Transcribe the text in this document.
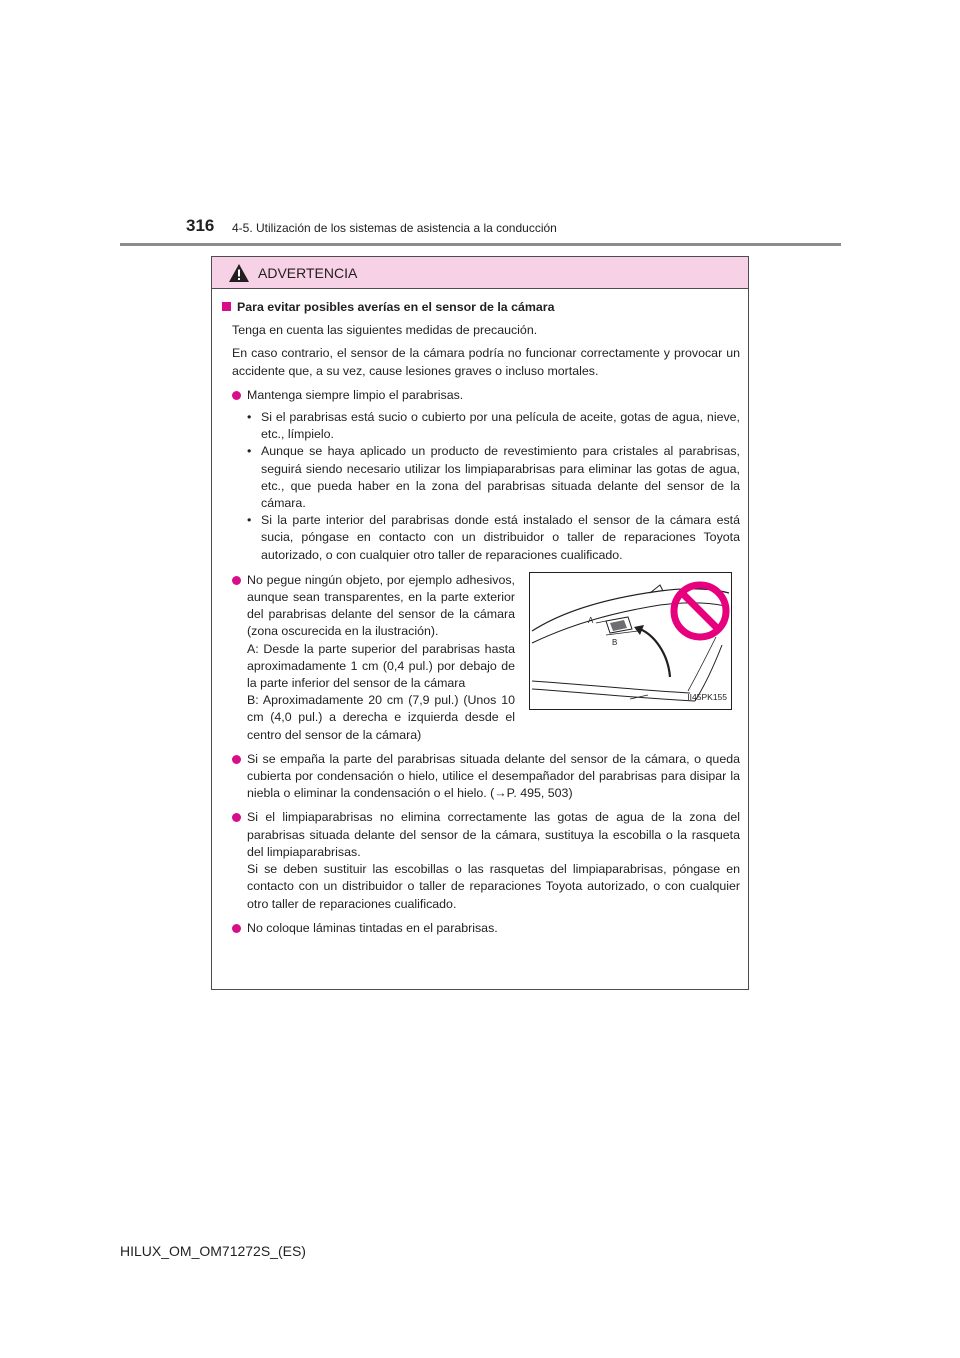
316 4-5. Utilización de los sistemas de asistencia a la conducción
ADVERTENCIA

Para evitar posibles averías en el sensor de la cámara

Tenga en cuenta las siguientes medidas de precaución.

En caso contrario, el sensor de la cámara podría no funcionar correctamente y provocar un accidente que, a su vez, cause lesiones graves o incluso mortales.

Mantenga siempre limpio el parabrisas.
• Si el parabrisas está sucio o cubierto por una película de aceite, gotas de agua, nieve, etc., límpielo.
• Aunque se haya aplicado un producto de revestimiento para cristales al parabrisas, seguirá siendo necesario utilizar los limpiaparabrisas para eliminar las gotas de agua, etc., que pueda haber en la zona del parabrisas situada delante del sensor de la cámara.
• Si la parte interior del parabrisas donde está instalado el sensor de la cámara está sucia, póngase en contacto con un distribuidor o taller de reparaciones Toyota autorizado, o con cualquier otro taller de reparaciones cualificado.
No pegue ningún objeto, por ejemplo adhesivos, aunque sean transparentes, en la parte exterior del parabrisas delante del sensor de la cámara (zona oscurecida en la ilustración).

A: Desde la parte superior del parabrisas hasta aproximadamente 1 cm (0,4 pul.) por debajo de la parte inferior del sensor de la cámara

B: Aproximadamente 20 cm (7,9 pul.) (Unos 10 cm (4,0 pul.) a derecha e izquierda desde el centro del sensor de la cámara)

A
B
II45PK155
Si se empaña la parte del parabrisas situada delante del sensor de la cámara, o queda cubierta por condensación o hielo, utilice el desempañador del parabrisas para disipar la niebla o eliminar la condensación o el hielo. (→P. 495, 503)
Si el limpiaparabrisas no elimina correctamente las gotas de agua de la zona del parabrisas situada delante del sensor de la cámara, sustituya la escobilla o la rasqueta del limpiaparabrisas.
Si se deben sustituir las escobillas o las rasquetas del limpiaparabrisas, póngase en contacto con un distribuidor o taller de reparaciones Toyota autorizado, o con cualquier otro taller de reparaciones cualificado.
No coloque láminas tintadas en el parabrisas.
HILUX_OM_OM71272S_(ES)
